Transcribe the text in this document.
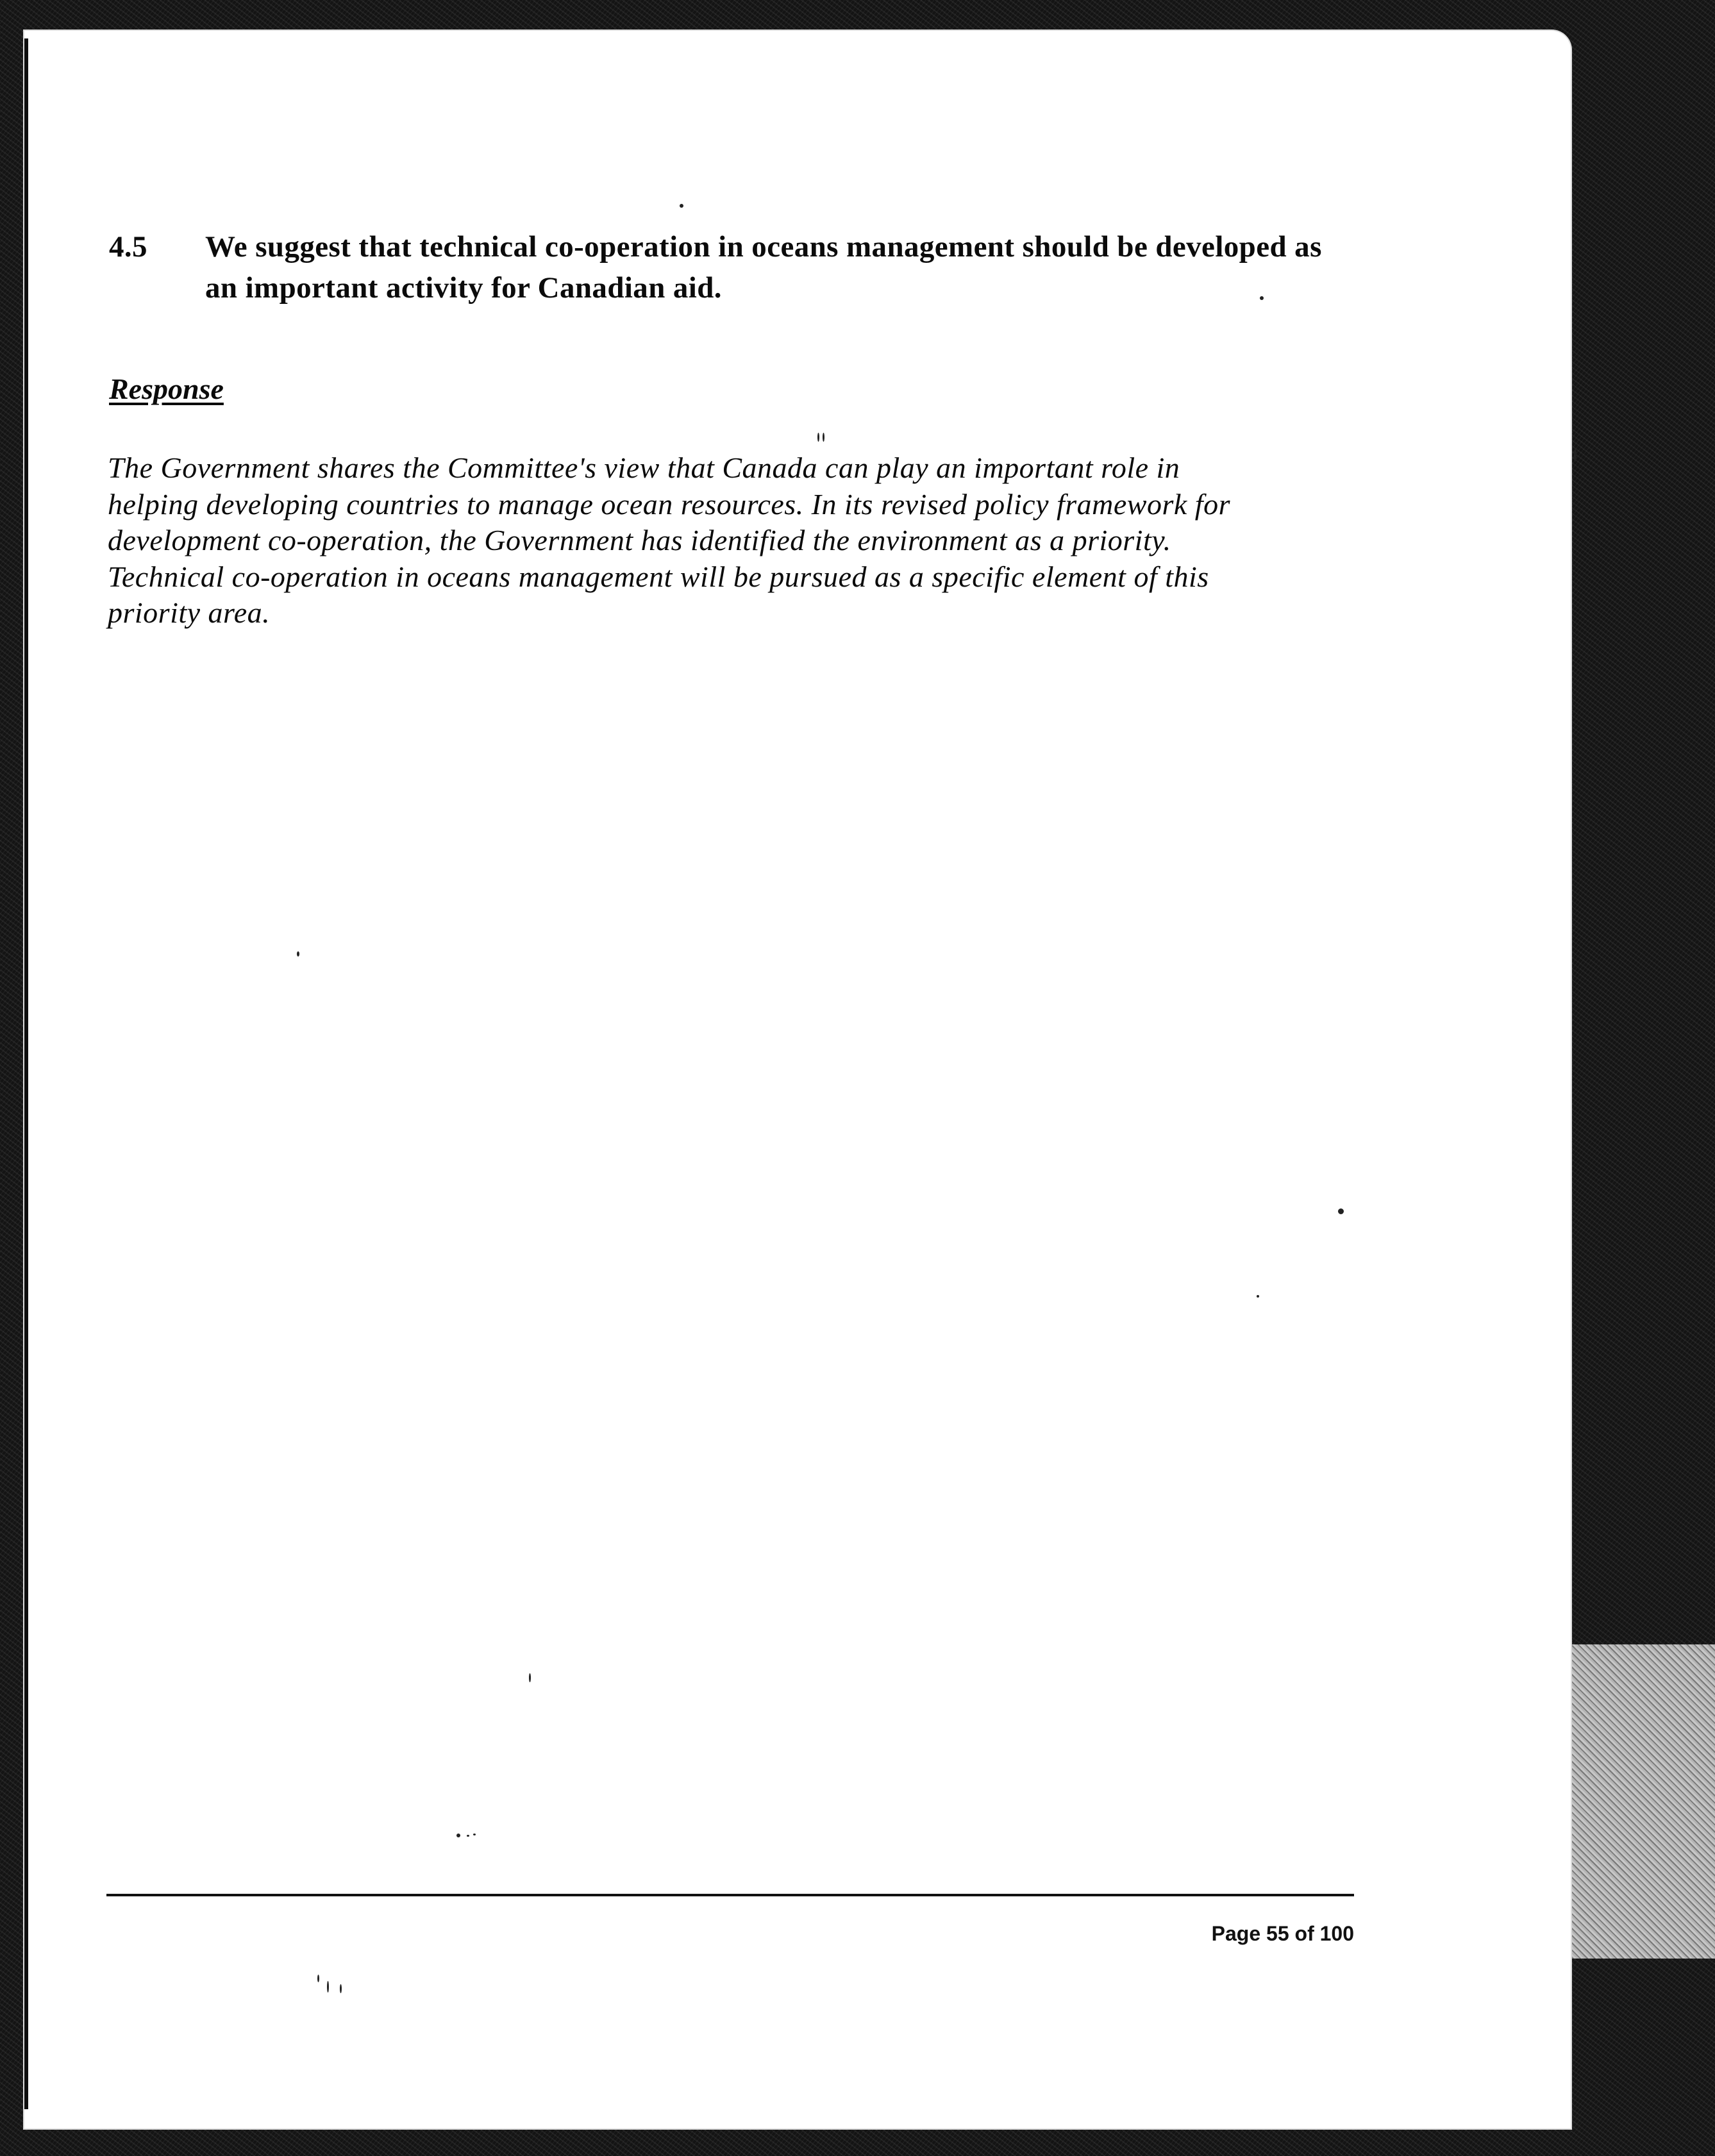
4.5	We suggest that technical co-operation in oceans management should be developed as an important activity for Canadian aid.
Response
The Government shares the Committee's view that Canada can play an important role in
helping developing countries to manage ocean resources. In its revised policy framework for
development co-operation, the Government has identified the environment as a priority.
Technical co-operation in oceans management will be pursued as a specific element of this
priority area.
Page 55 of 100
